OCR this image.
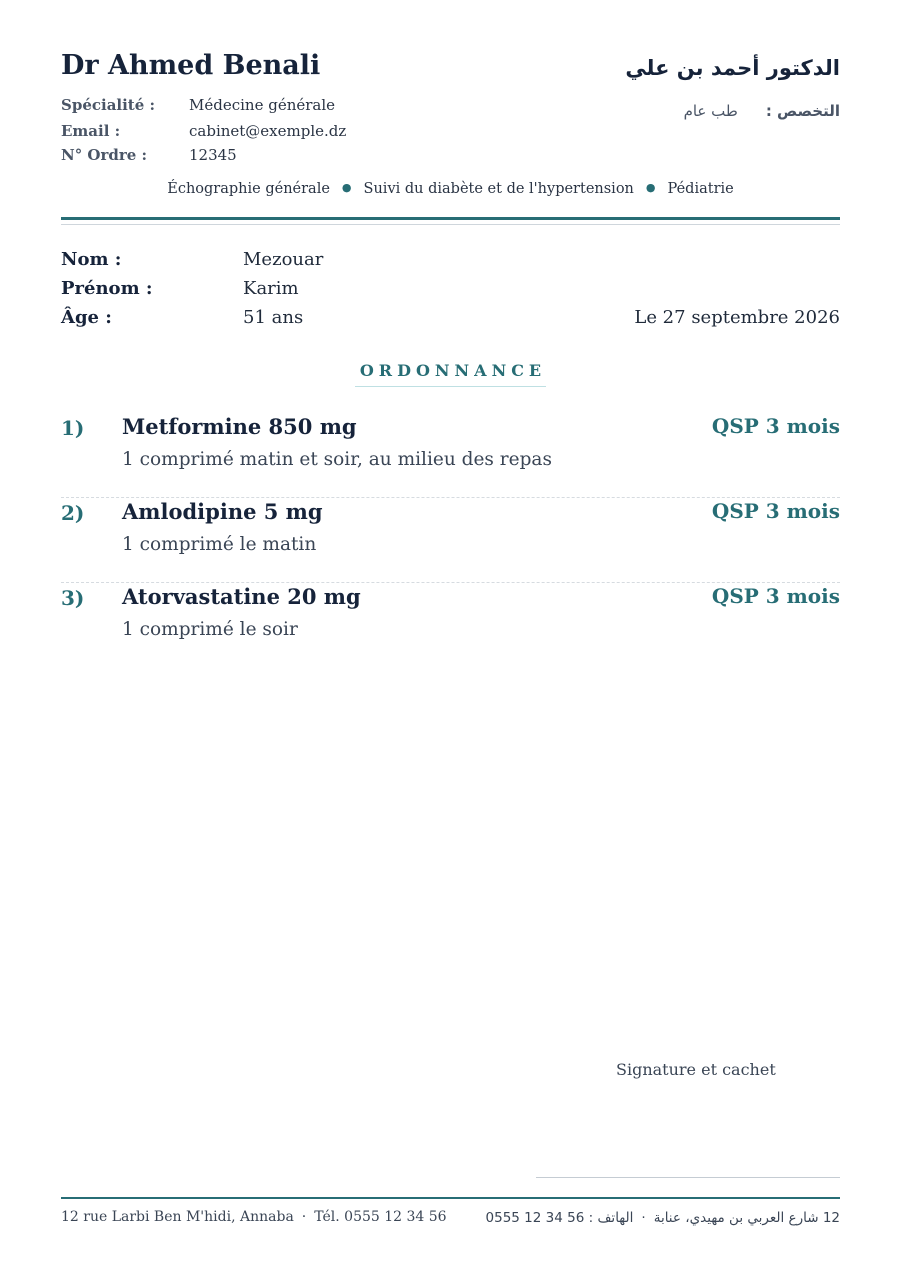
Dr Ahmed Benali
Spécialité : Médecine générale
Email :	cabinet@exemple.dz
N° Ordre :	12345
الدكتور أحمد بن علي
التخصص :طب عام
Échographie générale ● Suivi du diabète et de l'hypertension ● Pédiatrie
Nom :	Mezouar
Prénom :	Karim
Âge :	51 ans	Le 27 septembre 2026
ORDONNANCE
1) Metformine 850 mg	QSP 3 mois
1 comprimé matin et soir, au milieu des repas
2) Amlodipine 5 mg	QSP 3 mois
1 comprimé le matin
3) Atorvastatine 20 mg	QSP 3 mois
1 comprimé le soir
Signature et cachet
12 rue Larbi Ben M'hidi, Annaba · Tél. 0555 12 34 56	12 شارع العربي بن مهيدي، عنابة·الهاتف : 56 34 12 0555
